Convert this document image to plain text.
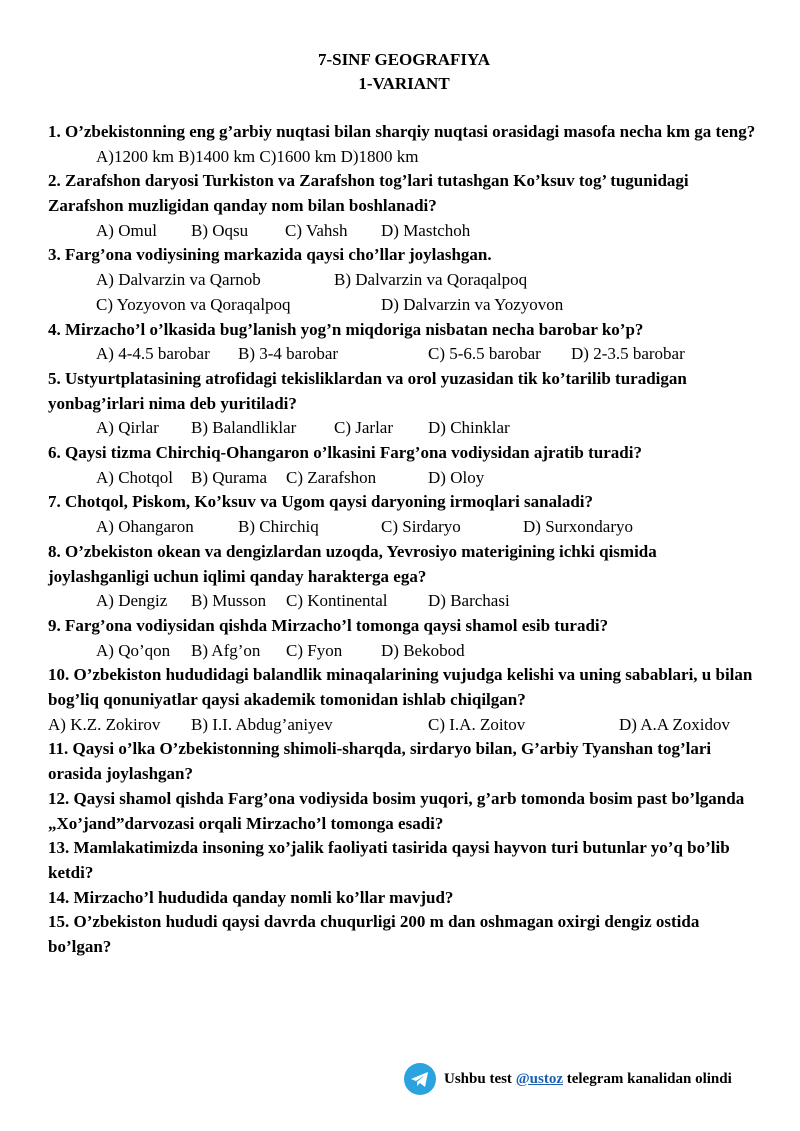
7-SINF GEOGRAFIYA
1-VARIANT
1. O’zbekistonning eng g’arbiy nuqtasi bilan sharqiy nuqtasi orasidagi masofa necha km ga teng?
A)1200 km B)1400 km C)1600 km D)1800 km
2. Zarafshon daryosi Turkiston va Zarafshon tog’lari tutashgan Ko’ksuv tog’ tugunidagi Zarafshon muzligidan qanday nom bilan boshlanadi?
A) Omul B) Oqsu C) Vahsh D) Mastchoh
3. Farg’ona vodiysining markazida qaysi cho’llar joylashgan.
A) Dalvarzin va Qarnob	B) Dalvarzin va Qoraqalpoq
C) Yozyovon va Qoraqalpoq	D) Dalvarzin va Yozyovon
4. Mirzacho’l o’lkasida bug’lanish yog’n miqdoriga nisbatan necha barobar ko’p?
A) 4-4.5 barobar B) 3-4 barobar	C) 5-6.5 barobar D) 2-3.5 barobar
5. Ustyurtplatasining atrofidagi tekisliklardan va orol yuzasidan tik ko’tarilib turadigan yonbag’irlari nima deb yuritiladi?
A) Qirlar B) Balandliklar C) Jarlar D) Chinklar
6. Qaysi tizma Chirchiq-Ohangaron o’lkasini Farg’ona vodiysidan ajratib turadi?
A) Chotqol B) Qurama C) Zarafshon	D) Oloy
7. Chotqol, Piskom, Ko’ksuv va Ugom qaysi daryoning irmoqlari sanaladi?
A) Ohangaron	B) Chirchiq	C) Sirdaryo	D) Surxondaryo
8. O’zbekiston okean va dengizlardan uzoqda, Yevrosiyo materigining ichki qismida joylashganligi uchun iqlimi qanday harakterga ega?
A) Dengiz B) Musson C) Kontinental D) Barchasi
9. Farg’ona vodiysidan qishda Mirzacho’l tomonga qaysi shamol esib turadi?
A) Qo’qon B) Afg’on C) Fyon D) Bekobod
10. O’zbekiston hududidagi balandlik minaqalarining vujudga kelishi va uning sabablari, u bilan bog’liq qonuniyatlar qaysi akademik tomonidan ishlab chiqilgan?
A) K.Z. Zokirov B) I.I. Abdug’aniyev	C) I.A. Zoitov	D) A.A Zoxidov
11. Qaysi o’lka O’zbekistonning shimoli-sharqda, sirdaryo bilan, G’arbiy Tyanshan tog’lari orasida joylashgan?
12. Qaysi shamol qishda Farg’ona vodiysida bosim yuqori, g’arb tomonda bosim past bo’lganda „Xo’jand”darvozasi orqali Mirzacho’l tomonga esadi?
13. Mamlakatimizda insoning xo’jalik faoliyati tasirida qaysi hayvon turi butunlar yo’q bo’lib ketdi?
14. Mirzacho’l hududida qanday nomli ko’llar mavjud?
15. O’zbekiston hududi qaysi davrda chuqurligi 200 m dan oshmagan oxirgi dengiz ostida bo’lgan?
Ushbu test @ustoz telegram kanalidan olindi
